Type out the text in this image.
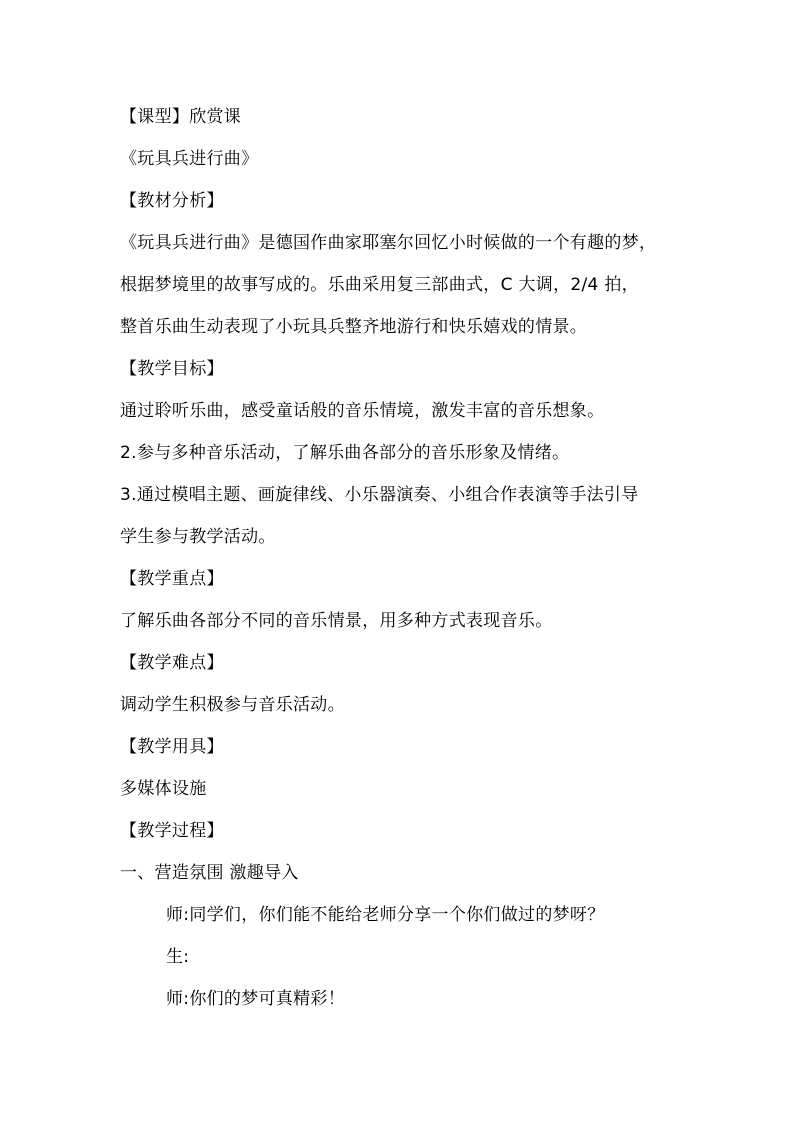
【课型】欣赏课
《玩具兵进行曲》
【教材分析】
《玩具兵进行曲》是德国作曲家耶塞尔回忆小时候做的一个有趣的梦，
根据梦境里的故事写成的。乐曲采用复三部曲式，C 大调，2/4 拍，
整首乐曲生动表现了小玩具兵整齐地游行和快乐嬉戏的情景。
【教学目标】
通过聆听乐曲，感受童话般的音乐情境，激发丰富的音乐想象。
2.参与多种音乐活动，了解乐曲各部分的音乐形象及情绪。
3.通过模唱主题、画旋律线、小乐器演奏、小组合作表演等手法引导
学生参与教学活动。
【教学重点】
了解乐曲各部分不同的音乐情景，用多种方式表现音乐。
【教学难点】
调动学生积极参与音乐活动。
【教学用具】
多媒体设施
【教学过程】
一、营造氛围 激趣导入
师:同学们，你们能不能给老师分享一个你们做过的梦呀？
生:
师:你们的梦可真精彩！
